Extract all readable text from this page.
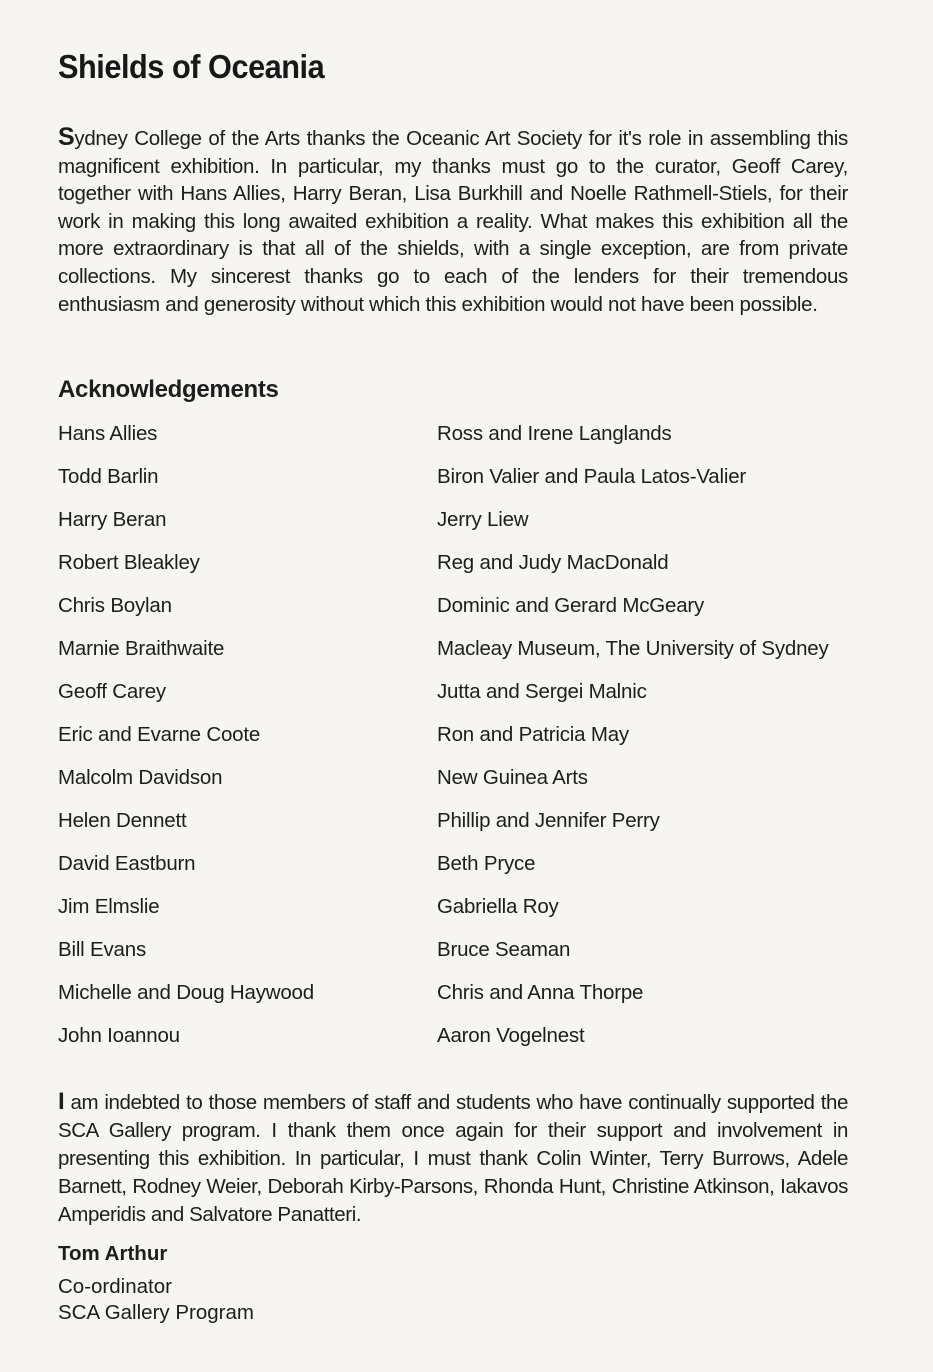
Shields of Oceania

Sydney College of the Arts thanks the Oceanic Art Society for it's role in assembling this magnificent exhibition. In particular, my thanks must go to the curator, Geoff Carey, together with Hans Allies, Harry Beran, Lisa Burkhill and Noelle Rathmell-Stiels, for their work in making this long awaited exhibition a reality. What makes this exhibition all the more extraordinary is that all of the shields, with a single exception, are from private collections. My sincerest thanks go to each of the lenders for their tremendous enthusiasm and generosity without which this exhibition would not have been possible.

Acknowledgements
Hans Allies
Todd Barlin
Harry Beran
Robert Bleakley
Chris Boylan
Marnie Braithwaite
Geoff Carey
Eric and Evarne Coote
Malcolm Davidson
Helen Dennett
David Eastburn
Jim Elmslie
Bill Evans
Michelle and Doug Haywood
John Ioannou
Ross and Irene Langlands
Biron Valier and Paula Latos-Valier
Jerry Liew
Reg and Judy MacDonald
Dominic and Gerard McGeary
Macleay Museum, The University of Sydney
Jutta and Sergei Malnic
Ron and Patricia May
New Guinea Arts
Phillip and Jennifer Perry
Beth Pryce
Gabriella Roy
Bruce Seaman
Chris and Anna Thorpe
Aaron Vogelnest

I am indebted to those members of staff and students who have continually supported the SCA Gallery program. I thank them once again for their support and involvement in presenting this exhibition. In particular, I must thank Colin Winter, Terry Burrows, Adele Barnett, Rodney Weier, Deborah Kirby-Parsons, Rhonda Hunt, Christine Atkinson, Iakavos Amperidis and Salvatore Panatteri.

Tom Arthur

Co-ordinator

SCA Gallery Program
